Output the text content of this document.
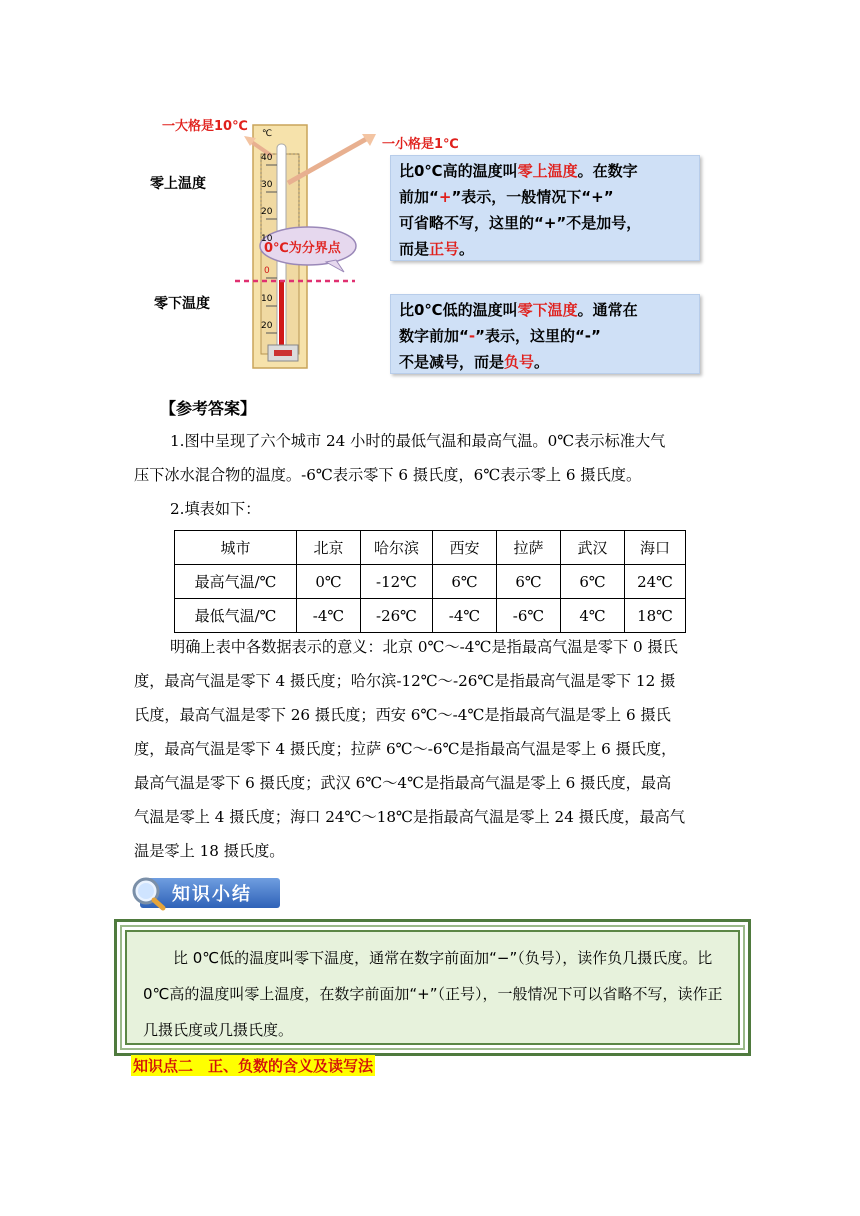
一大格是10℃
一小格是1℃
℃
零上温度
零下温度
0℃为分界点
比0℃高的温度叫零上温度。在数字
前加“+”表示，一般情况下“+”
可省略不写，这里的“+”不是加号，
而是正号。
比0℃低的温度叫零下温度。通常在
数字前加“-”表示，这里的“-”
不是减号，而是负号。
【参考答案】
1.图中呈现了六个城市 24 小时的最低气温和最高气温。0℃表示标准大气
压下冰水混合物的温度。-6℃表示零下 6 摄氏度，6℃表示零上 6 摄氏度。
2.填表如下：
城市	北京	哈尔滨	西安	拉萨	武汉	海口
最高气温/℃	0℃	-12℃	6℃	6℃	6℃	24℃
最低气温/℃	-4℃	-26℃	-4℃	-6℃	4℃	18℃
明确上表中各数据表示的意义：北京 0℃～-4℃是指最高气温是零下 0 摄氏
度，最高气温是零下 4 摄氏度；哈尔滨-12℃～-26℃是指最高气温是零下 12 摄
氏度，最高气温是零下 26 摄氏度；西安 6℃～-4℃是指最高气温是零上 6 摄氏
度，最高气温是零下 4 摄氏度；拉萨 6℃～-6℃是指最高气温是零上 6 摄氏度，
最高气温是零下 6 摄氏度；武汉 6℃～4℃是指最高气温是零上 6 摄氏度，最高
气温是零上 4 摄氏度；海口 24℃～18℃是指最高气温是零上 24 摄氏度，最高气
温是零上 18 摄氏度。
知识小结
比 0℃低的温度叫零下温度，通常在数字前面加“−”（负号），读作负几摄氏度。比 0℃高的温度叫零上温度，在数字前面加“+”（正号），一般情况下可以省略不写，读作正几摄氏度或几摄氏度。
知识点二　正、负数的含义及读写法
